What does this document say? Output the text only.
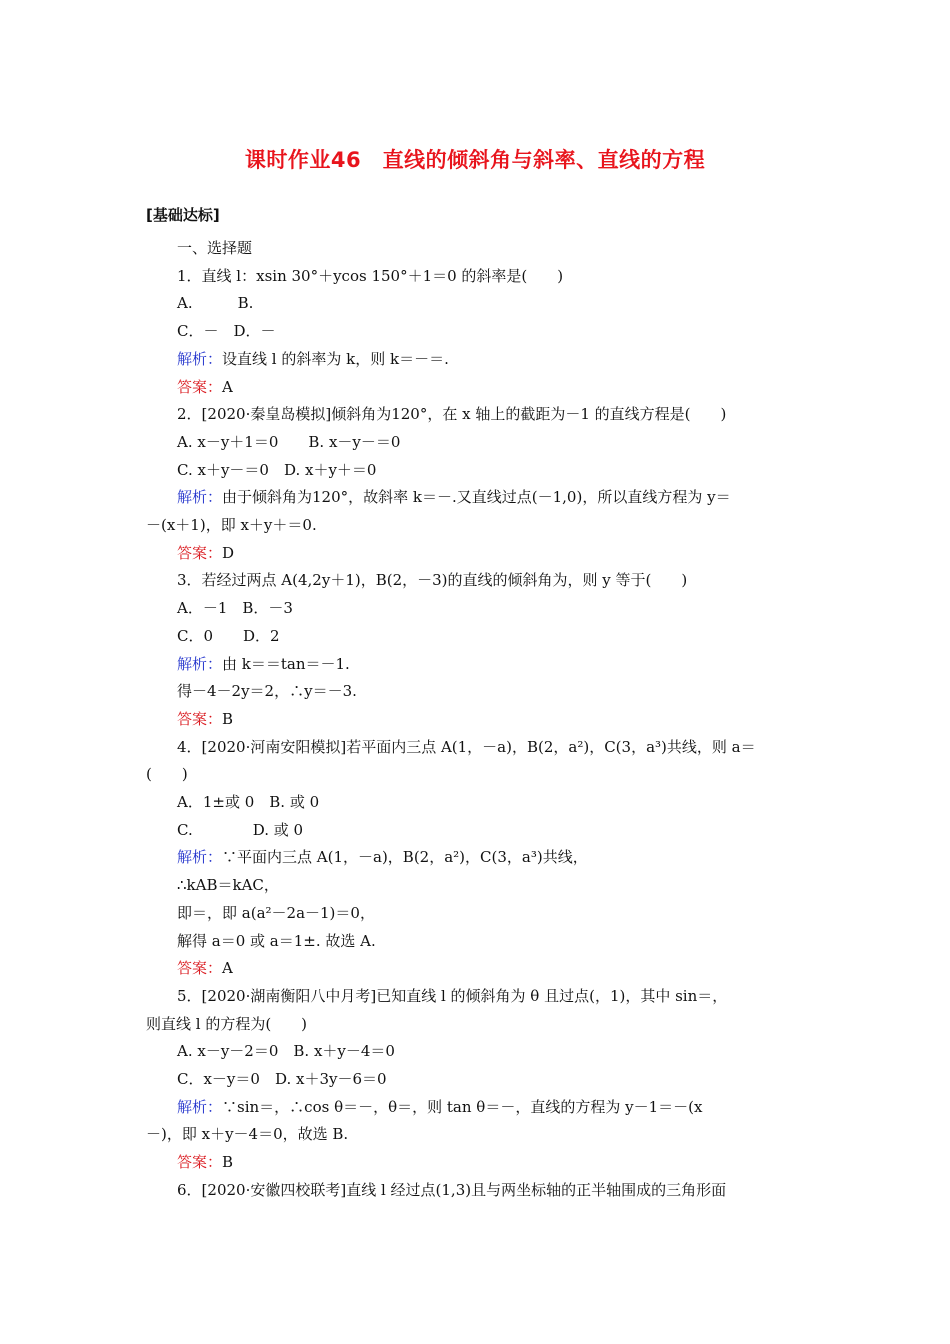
课时作业46　直线的倾斜角与斜率、直线的方程
[基础达标]
一、选择题
1．直线 l：xsin 30°＋ycos 150°＋1＝0 的斜率是(　　)
A.　　　B.
C．－　D．－
解析：设直线 l 的斜率为 k，则 k＝－＝.
答案：A
2．[2020·秦皇岛模拟]倾斜角为120°，在 x 轴上的截距为－1 的直线方程是(　　)
A. x－y＋1＝0　　B. x－y－＝0
C. x＋y－＝0　D. x＋y＋＝0
解析：由于倾斜角为120°，故斜率 k＝－.又直线过点(－1,0)，所以直线方程为 y＝
－(x＋1)，即 x＋y＋＝0.
答案：D
3．若经过两点 A(4,2y＋1)，B(2，－3)的直线的倾斜角为，则 y 等于(　　)
A．－1　B．－3
C．0　　D．2
解析：由 k＝＝tan＝－1.
得－4－2y＝2，∴y＝－3.
答案：B
4．[2020·河南安阳模拟]若平面内三点 A(1，－a)，B(2，a²)，C(3，a³)共线，则 a＝
(　　)
A．1±或 0　B. 或 0
C.　　　　D. 或 0
解析：∵平面内三点 A(1，－a)，B(2，a²)，C(3，a³)共线，
∴kAB＝kAC，
即＝，即 a(a²－2a－1)＝0，
解得 a＝0 或 a＝1±. 故选 A.
答案：A
5．[2020·湖南衡阳八中月考]已知直线 l 的倾斜角为 θ 且过点(，1)，其中 sin＝，
则直线 l 的方程为(　　)
A. x－y－2＝0　B. x＋y－4＝0
C．x－y＝0　D. x＋3y－6＝0
解析：∵sin＝，∴cos θ＝－，θ＝，则 tan θ＝－，直线的方程为 y－1＝－(x
－)，即 x＋y－4＝0，故选 B.
答案：B
6．[2020·安徽四校联考]直线 l 经过点(1,3)且与两坐标轴的正半轴围成的三角形面
